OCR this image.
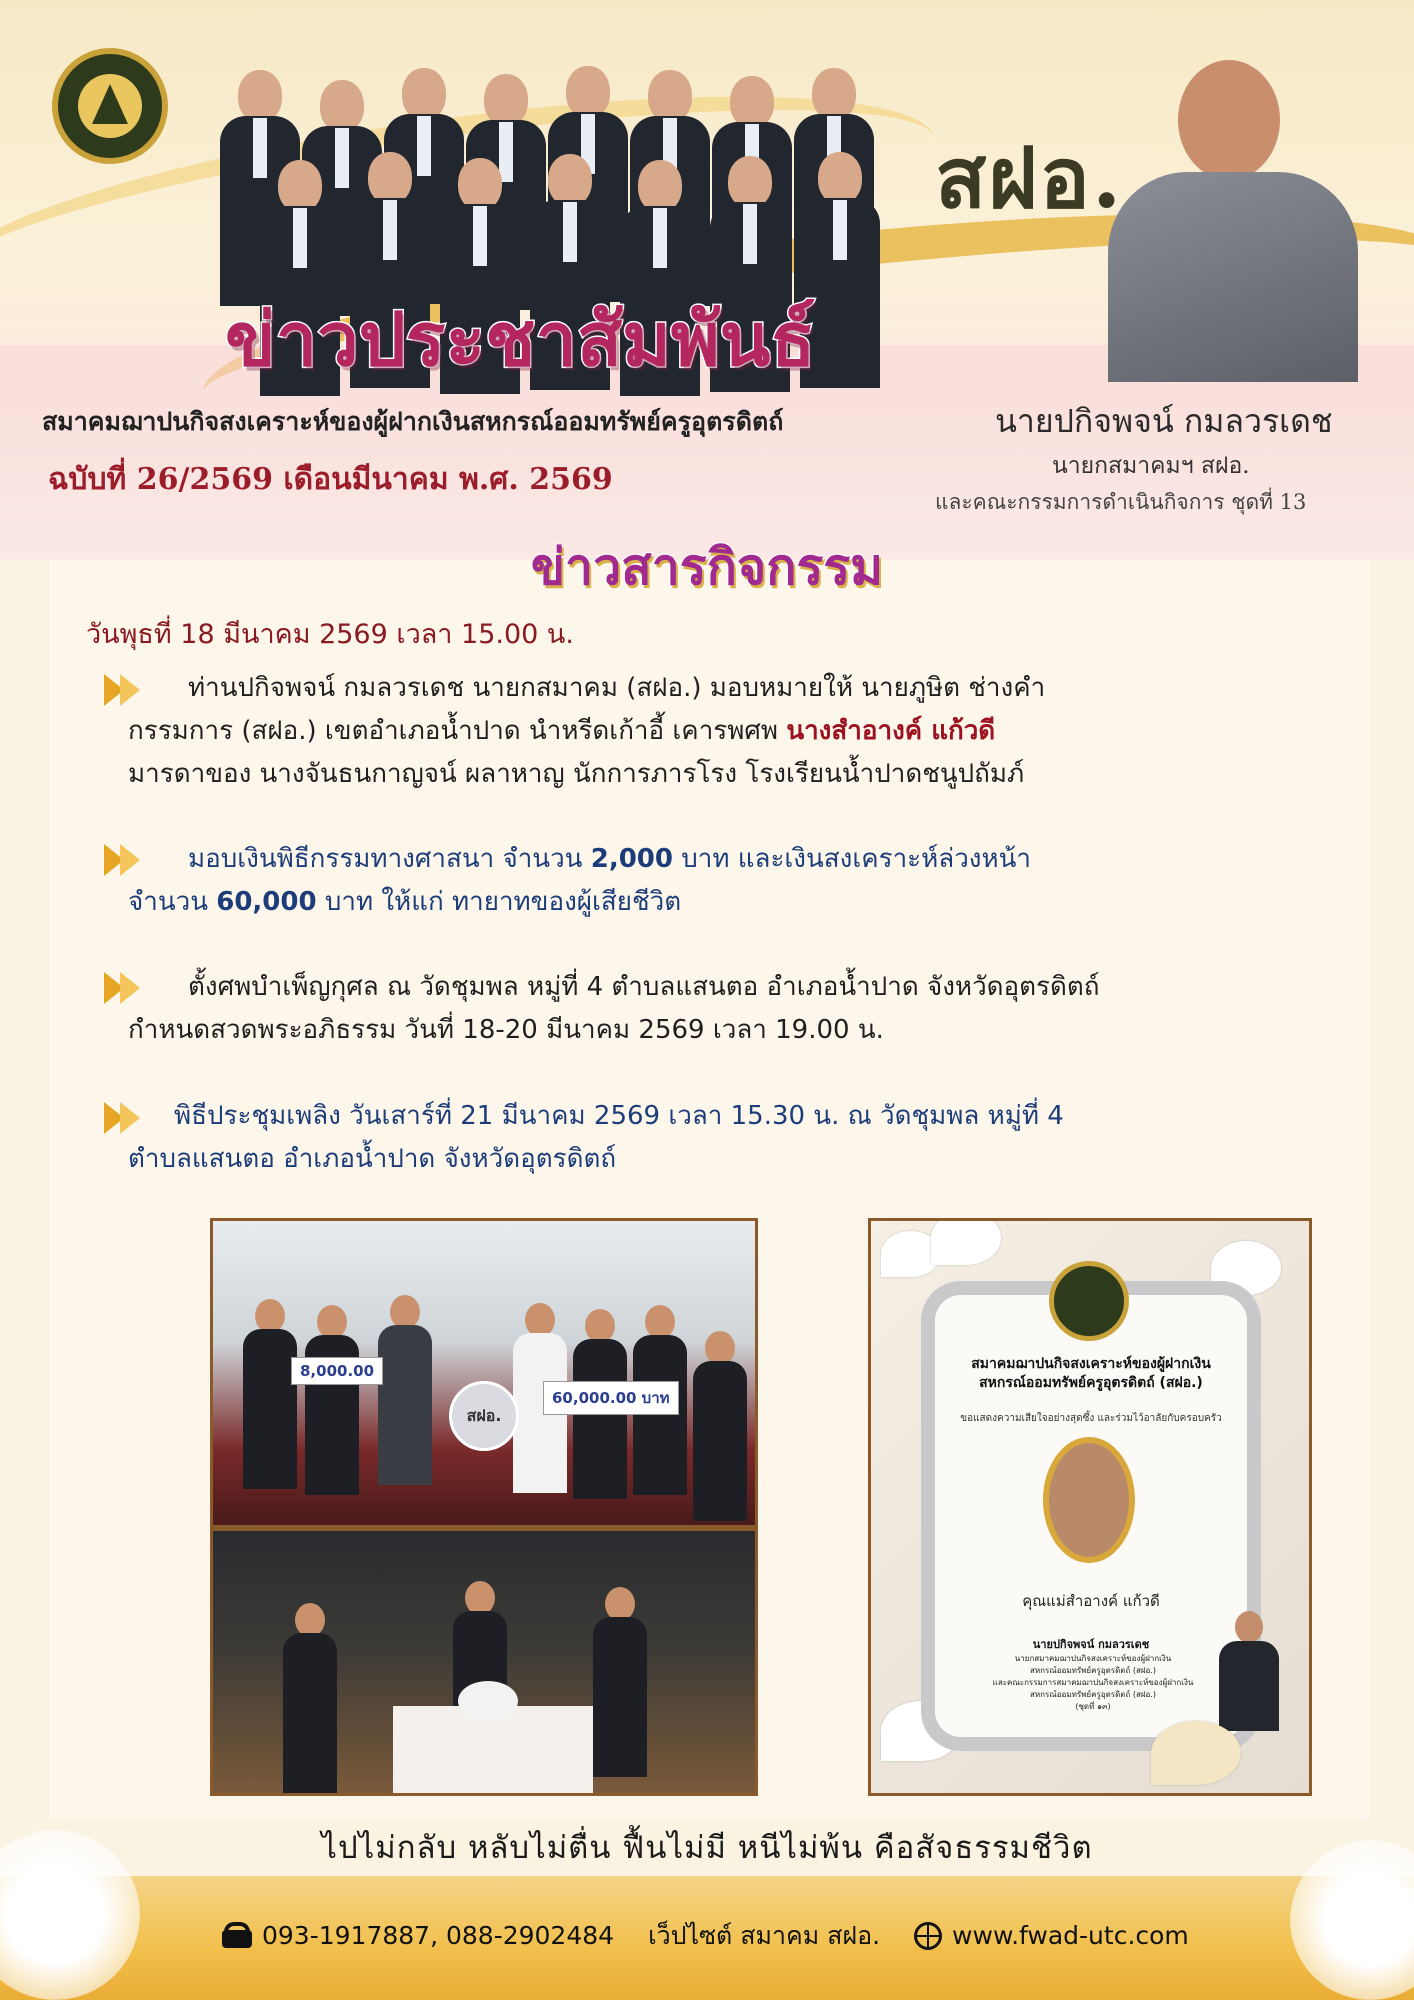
สฝอ.
ข่าวประชาสัมพันธ์
สมาคมฌาปนกิจสงเคราะห์ของผู้ฝากเงินสหกรณ์ออมทรัพย์ครูอุตรดิตถ์
ฉบับที่ 26/2569 เดือนมีนาคม พ.ศ. 2569
นายปกิจพจน์ กมลวรเดช
นายกสมาคมฯ สฝอ.
และคณะกรรมการดำเนินกิจการ ชุดที่ 13
ข่าวสารกิจกรรม
วันพุธที่ 18 มีนาคม 2569 เวลา 15.00 น.
ท่านปกิจพจน์ กมลวรเดช นายกสมาคม (สฝอ.) มอบหมายให้ นายภูษิต ช่างคำ
กรรมการ (สฝอ.) เขตอำเภอน้ำปาด นำหรีดเก้าอี้ เคารพศพ นางสำอางค์ แก้วดี
มารดาของ นางจันธนกาญจน์ ผลาหาญ นักการภารโรง โรงเรียนน้ำปาดชนูปถัมภ์
มอบเงินพิธีกรรมทางศาสนา จำนวน 2,000 บาท และเงินสงเคราะห์ล่วงหน้า
จำนวน 60,000 บาท ให้แก่ ทายาทของผู้เสียชีวิต
ตั้งศพบำเพ็ญกุศล ณ วัดชุมพล หมู่ที่ 4 ตำบลแสนตอ อำเภอน้ำปาด จังหวัดอุตรดิตถ์
กำหนดสวดพระอภิธรรม วันที่ 18-20 มีนาคม 2569 เวลา 19.00 น.
พิธีประชุมเพลิง วันเสาร์ที่ 21 มีนาคม 2569 เวลา 15.30 น. ณ วัดชุมพล หมู่ที่ 4
ตำบลแสนตอ อำเภอน้ำปาด จังหวัดอุตรดิตถ์
8,000.00
60,000.00 บาท
สฝอ.
สมาคมฌาปนกิจสงเคราะห์ของผู้ฝากเงิน
สหกรณ์ออมทรัพย์ครูอุตรดิตถ์ (สฝอ.)
ขอแสดงความเสียใจอย่างสุดซึ้ง และร่วมไว้อาลัยกับครอบครัว
คุณแม่สำอางค์ แก้วดี
นายปกิจพจน์ กมลวรเดช
นายกสมาคมฌาปนกิจสงเคราะห์ของผู้ฝากเงิน
สหกรณ์ออมทรัพย์ครูอุตรดิตถ์ (สฝอ.)
และคณะกรรมการสมาคมฌาปนกิจสงเคราะห์ของผู้ฝากเงิน
สหกรณ์ออมทรัพย์ครูอุตรดิตถ์ (สฝอ.)
(ชุดที่ ๑๓)
ไปไม่กลับ หลับไม่ตื่น ฟื้นไม่มี หนีไม่พ้น คือสัจธรรมชีวิต
093-1917887, 088-2902484 เว็ปไซต์ สมาคม สฝอ.	www.fwad-utc.com
